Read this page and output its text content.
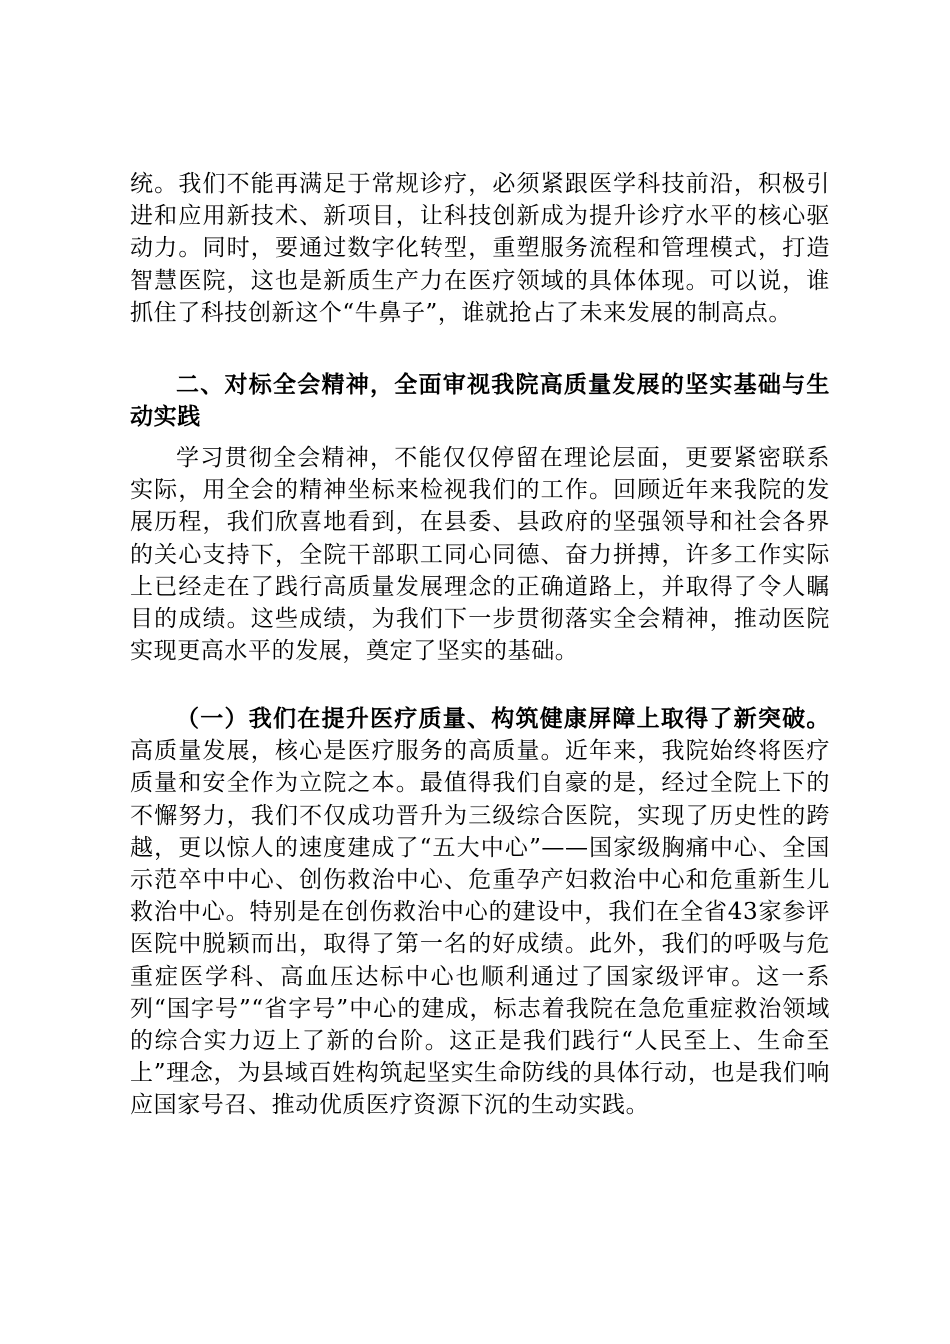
统。我们不能再满足于常规诊疗，必须紧跟医学科技前沿，积极引进和应用新技术、新项目，让科技创新成为提升诊疗水平的核心驱动力。同时，要通过数字化转型，重塑服务流程和管理模式，打造智慧医院，这也是新质生产力在医疗领域的具体体现。可以说，谁抓住了科技创新这个“牛鼻子”，谁就抢占了未来发展的制高点。

二、对标全会精神，全面审视我院高质量发展的坚实基础与生动实践

学习贯彻全会精神，不能仅仅停留在理论层面，更要紧密联系实际，用全会的精神坐标来检视我们的工作。回顾近年来我院的发展历程，我们欣喜地看到，在县委、县政府的坚强领导和社会各界的关心支持下，全院干部职工同心同德、奋力拼搏，许多工作实际上已经走在了践行高质量发展理念的正确道路上，并取得了令人瞩目的成绩。这些成绩，为我们下一步贯彻落实全会精神，推动医院实现更高水平的发展，奠定了坚实的基础。

（一）我们在提升医疗质量、构筑健康屏障上取得了新突破。高质量发展，核心是医疗服务的高质量。近年来，我院始终将医疗质量和安全作为立院之本。最值得我们自豪的是，经过全院上下的不懈努力，我们不仅成功晋升为三级综合医院，实现了历史性的跨越，更以惊人的速度建成了“五大中心”——国家级胸痛中心、全国示范卒中中心、创伤救治中心、危重孕产妇救治中心和危重新生儿救治中心。特别是在创伤救治中心的建设中，我们在全省43家参评医院中脱颖而出，取得了第一名的好成绩。此外，我们的呼吸与危重症医学科、高血压达标中心也顺利通过了国家级评审。这一系列“国字号”“省字号”中心的建成，标志着我院在急危重症救治领域的综合实力迈上了新的台阶。这正是我们践行“人民至上、生命至上”理念，为县域百姓构筑起坚实生命防线的具体行动，也是我们响应国家号召、推动优质医疗资源下沉的生动实践。
